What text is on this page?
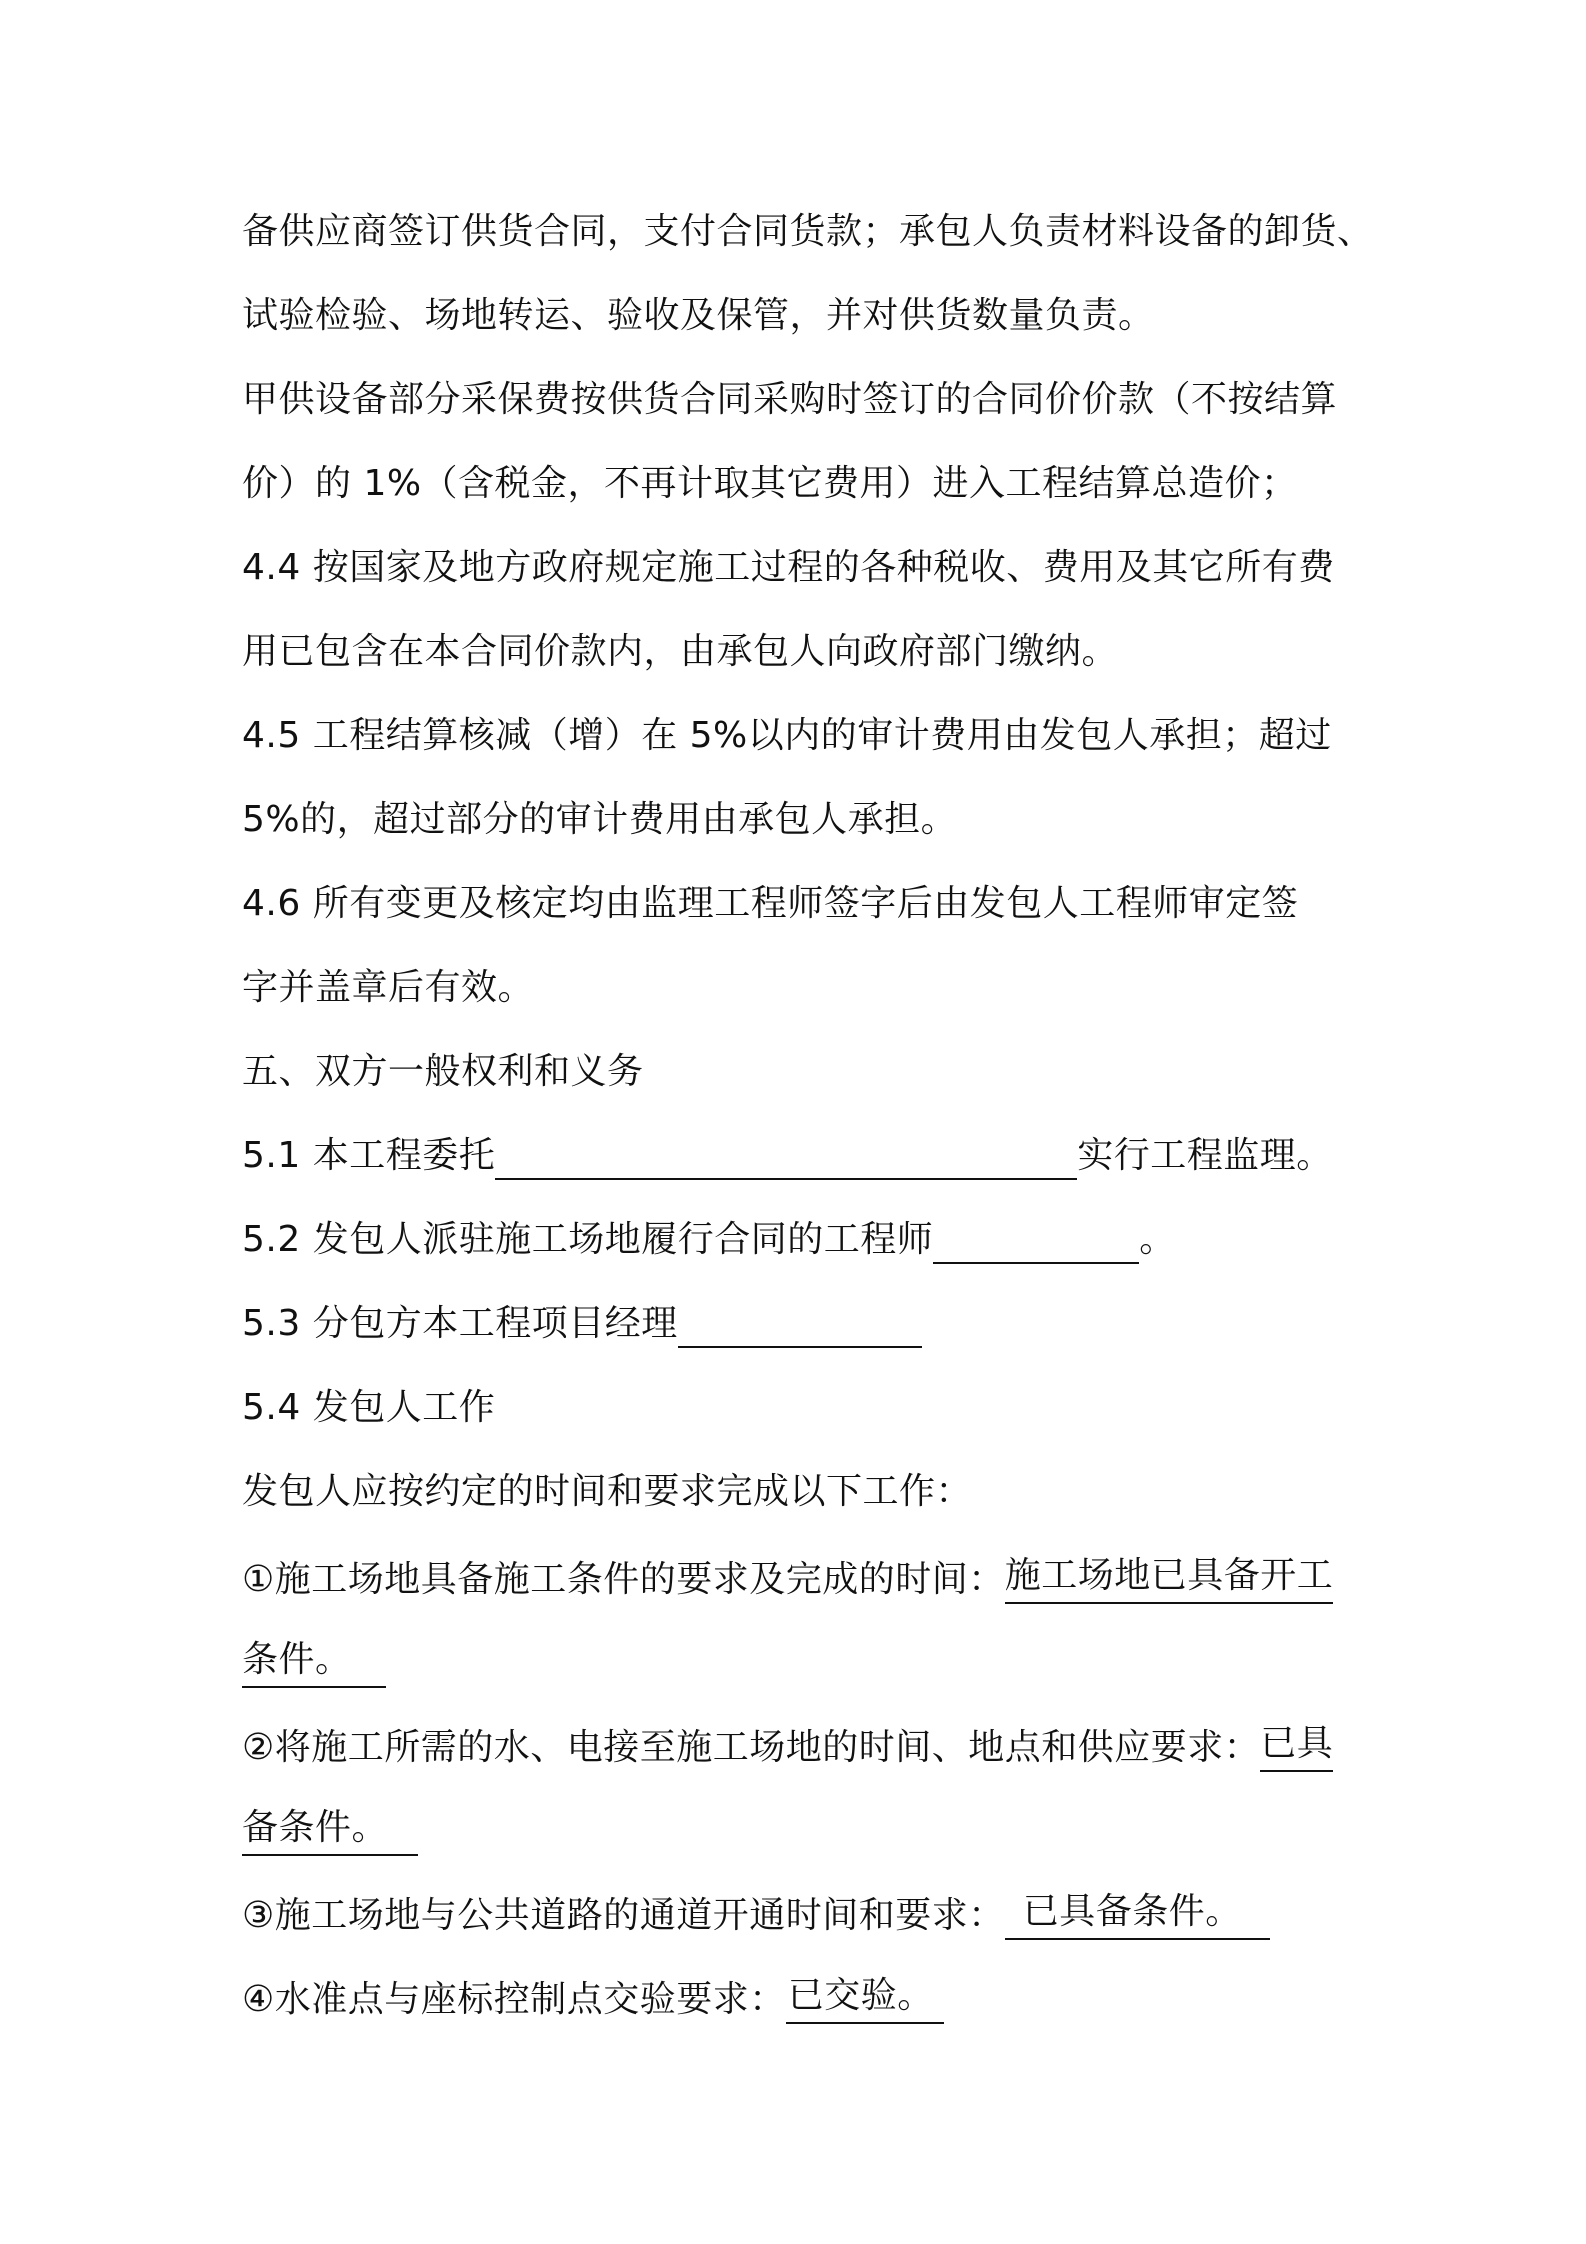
备供应商签订供货合同，支付合同货款；承包人负责材料设备的卸货、
试验检验、场地转运、验收及保管，并对供货数量负责。
甲供设备部分采保费按供货合同采购时签订的合同价价款（不按结算
价）的 1%（含税金，不再计取其它费用）进入工程结算总造价；
4.4 按国家及地方政府规定施工过程的各种税收、费用及其它所有费
用已包含在本合同价款内，由承包人向政府部门缴纳。
4.5 工程结算核减（增）在 5%以内的审计费用由发包人承担；超过
5%的，超过部分的审计费用由承包人承担。
4.6 所有变更及核定均由监理工程师签字后由发包人工程师审定签
字并盖章后有效。
五、双方一般权利和义务
5.1 本工程委托	实行工程监理。
5.2 发包人派驻施工场地履行合同的工程师	。
5.3 分包方本工程项目经理
5.4 发包人工作
发包人应按约定的时间和要求完成以下工作：
①施工场地具备施工条件的要求及完成的时间：施工场地已具备开工
条件。
②将施工所需的水、电接至施工场地的时间、地点和供应要求：已具
备条件。
③施工场地与公共道路的通道开通时间和要求： 已具备条件。
④水准点与座标控制点交验要求：已交验。
